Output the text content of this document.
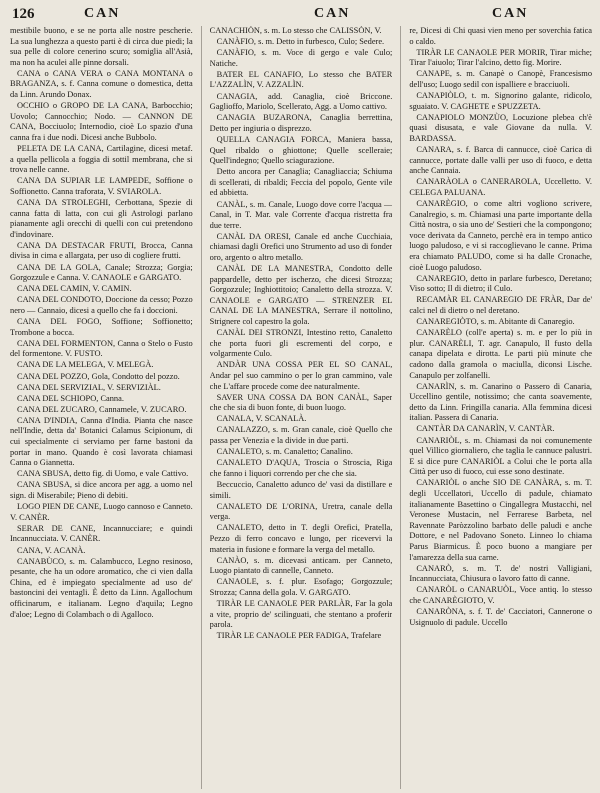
126	CAN	CAN	CAN

mestibile buono, e se ne porta alle nostre pescherie. La sua lunghezza a questo parti è di circa due piedi; la sua pelle di colore cenerino scuro; somiglia all'Asià, ma non ha aculei alle pinne dorsali.

CANA o CANA VERA o CANA MONTANA o BRAGANZA, s. f. Canna comune o domestica, detta da Linn. Arundo Donax.

OCCHIO o GROPO DE LA CANA, Barbocchio; Uovolo; Cannocchio; Nodo. — CANNON DE CANA, Bocciuolo; Internodio, cioè Lo spazio d'una canna fra i due nodi. Dicesi anche Bubbolo.

PELETA DE LA CANA, Cartilagine, dicesi metaf. a quella pellicola a foggia di sottil membrana, che si trova nelle canne.

CANA DA SUPIAR LE LAMPEDE, Soffione o Soffionetto. Canna traforata, V. SVIAROLA.

CANA DA STROLEGHI, Cerbottana, Spezie di canna fatta di latta, con cui gli Astrologi parlano pianamente agli orecchi di quelli con cui pretendono d'indovinare.

CANA DA DESTACAR FRUTI, Brocca, Canna divisa in cima e allargata, per uso di cogliere frutti.

CANA DE LA GOLA, Canale; Strozza; Gorgia; Gorgozzule e Canna. V. CANAOLE e GARGATO.

CANA DEL CAMIN, V. CAMIN.

CANA DEL CONDOTO, Doccione da cesso; Pozzo nero — Cannaio, dicesi a quello che fa i doccioni.

CANA DEL FOGO, Soffione; Soffionetto; Trombone a bocca.

CANA DEL FORMENTON, Canna o Stelo o Fusto del formentone. V. FUSTO.

CANA DE LA MELEGA, V. MELEGÀ.

CANA DEL POZZO, Gola, Condotto del pozzo.

CANA DEL SERVIZIAL, V. SERVIZIÀL.

CANA DEL SCHIOPO, Canna.

CANA DEL ZUCARO, Cannamele, V. ZUCARO.

CANA D'INDIA, Canna d'India. Pianta che nasce nell'Indie, detta da' Botanici Calamus Scipionum, di cui specialmente ci serviamo per farne bastoni da portar in mano. Quando è così lavorata chiamasi Canna o Giannetta.

CANA SBUSA, detto fig. di Uomo, e vale Cattivo.

CANA SBUSA, si dice ancora per agg. a uomo nel sign. di Miserabile; Pieno di debiti.

LOGO PIEN DE CANE, Luogo cannoso e Canneto. V. CANÈR.

SERAR DE CANE, Incannucciare; e quindi Incannucciata. V. CANÈR.

CANA, V. ACANÀ.

CANABÙCO, s. m. Calambucco, Legno resinoso, pesante, che ha un odore aromatico, che ci vien dalla China, ed è impiegato specialmente ad uso de' bastoncini dei ventagli. È detto da Linn. Agallochum officinarum, e italianam. Legno d'aquila; Legno d'aloe; Legno di Colambach o di Agalloco.

CANACHIÒN, s. m. Lo stesso che CALISSÒN, V.

CANÀFIO, s. m. Detto in furbesco, Culo; Sedere.

CANÀFIO, s. m. Voce di gergo e vale Culo; Natiche.

BATER EL CANAFIO, Lo stesso che BATER L'AZZALÌN, V. AZZALÌN.

CANAGIA, add. Canaglia, cioè Briccone. Gaglioffo, Mariolo, Scellerato, Agg. a Uomo cattivo.

CANAGIA BUZARONA, Canaglia berrettina, Detto per ingiuria o disprezzo.

QUELLA CANAGIA FORCA, Maniera bassa, Quel ribaldo o ghiottone; Quelle scelleraie; Quell'indegno; Quello sciagurazione.

Detto ancora per Canaglia; Canagliaccia; Schiuma di scellerati, di ribaldi; Feccia del popolo, Gente vile ed abbietta.

CANÀL, s. m. Canale, Luogo dove corre l'acqua — Canal, in T. Mar. vale Corrente d'acqua ristretta fra due terre.

CANÀL DA ORESI, Canale ed anche Cucchiaia, chiamasi dagli Orefici uno Strumento ad uso di fonder oro, argento o altro metallo.

CANÀL DE LA MANESTRA, Condotto delle pappardelle, detto per ischerzo, che dicesi Strozza; Gorgozzule; Inghiottitoio; Canaletto della strozza. V. CANAOLE e GARGATO — STRENZER EL CANAL DE LA MANESTRA, Serrare il nottolino, Strignere col capestro la gola.

CANÀL DEI STRONZI, Intestino retto, Canaletto che porta fuori gli escrementi del corpo, e volgarmente Culo.

ANDÀR UNA COSSA PER EL SO CANAL, Andar pel suo cammino o per lo gran cammino, vale che L'affare procede come dee naturalmente.

SAVER UNA COSSA DA BON CANÀL, Saper che che sia di buon fonte, di buon luogo.

CANALA, V. SCANALÀ.

CANALAZZO, s. m. Gran canale, cioè Quello che passa per Venezia e la divide in due parti.

CANALETO, s. m. Canaletto; Canalino.

CANALETO D'AQUA, Troscia o Stroscia, Riga che fanno i liquori correndo per che che sia.

Beccuccio, Canaletto adunco de' vasi da distillare e simili.

CANALETO DE L'ORINA, Uretra, canale della verga.

CANALETO, detto in T. degli Orefici, Pratella, Pezzo di ferro concavo e lungo, per ricevervi la materia in fusione e formare la verga del metallo.

CANÀO, s. m. dicevasi anticam. per Canneto, Luogo piantato di cannelle, Canneto.

CANAOLE, s. f. plur. Esofago; Gorgozzule; Strozza; Canna della gola. V. GARGATO.

TIRÀR LE CANAOLE PER PARLÀR, Far la gola a vite, proprio de' scilinguati, che stentano a proferir parola.

TIRÀR LE CANAOLE PER FADIGA, Trafelare

re, Dicesi di Chi quasi vien meno per soverchia fatica o caldo.

TIRÀR LE CANAOLE PER MORIR, Tirar miche; Tirar l'aiuolo; Tirar l'alcino, detto fig. Morire.

CANAPE, s. m. Canapè o Canopè, Francesismo dell'uso; Luogo sedil con ispalliere e bracciuoli.

CANAPIÒLO, t. m. Signorino galante, ridicolo, sguaiato. V. CAGHETE e SPUZZETA.

CANAPIOLO MONZÙO, Locuzione plebea ch'è quasi disusata, e vale Giovane da nulla. V. BARDASSA.

CANARA, s. f. Barca di cannucce, cioè Carica di cannucce, portate dalle valli per uso di fuoco, e detta anche Cannaia.

CANARÀOLA o CANERAROLA, Uccelletto. V. CELEGA PALUANA.

CANARÈGIO, o come altri vogliono scrivere, Canalregio, s. m. Chiamasi una parte importante della Città nostra, o sia uno de' Sestieri che la compongono; voce derivata da Canneto, perchè era in tempo antico luogo paludoso, e vi si raccoglievano le canne. Prima era chiamato PALUDO, come si ha dalle Cronache, cioè Luogo paludoso.

CANAREGIO, detto in parlare furbesco, Deretano; Viso sotto; Il di dietro; il Culo.

RECAMÀR EL CANAREGIO DE FRÀR, Dar de' calci nel di dietro o nel deretano.

CANAREGIÒTO, s. m. Abitante di Canaregio.

CANARÈLO (coll'e aperta) s. m. e per lo più in plur. CANARÈLI, T. agr. Canapulo, Il fusto della canapa dipelata e dirotta. Le parti più minute che cadono dalla gramola o maciulla, diconsi Lische. Canapulo per zolfanelli.

CANARÌN, s. m. Canarino o Passero di Canaria, Uccellino gentile, notissimo; che canta soavemente, detto da Linn. Fringilla canaria. Alla femmina dicesi italian. Passera di Canaria.

CANTÀR DA CANARÌN, V. CANTÀR.

CANARIÒL, s. m. Chiamasi da noi comunemente quel Villico giornaliero, che taglia le cannuce palustri. E si dice pure CANARIÒL a Colui che le porta alla Città per uso di fuoco, cui esse sono destinate.

CANARIÒL o anche SIO DE CANÀRA, s. m. T. degli Uccellatori, Uccello di padule, chiamato italianamente Basettino o Cingallegra Mustacchi, nel Veronese Mustacin, nel Ferrarese Barbeta, nel Ravennate Paròzzolino barbato delle paludi e anche Dottore, e nel Padovano Soneto. Linneo lo chiama Parus Biarmicus. È poco buono a mangiare per l'amarezza della sua carne.

CANARÒ, s. m. T. de' nostri Valligiani, Incannucciata, Chiusura o lavoro fatto di canne.

CANARÒL o CANARUÒL, Voce antiq. lo stesso che CANARÈGIOTO, V.

CANARÒNA, s. f. T. de' Cacciatori, Cannerone o Usignuolo di padule. Uccello
